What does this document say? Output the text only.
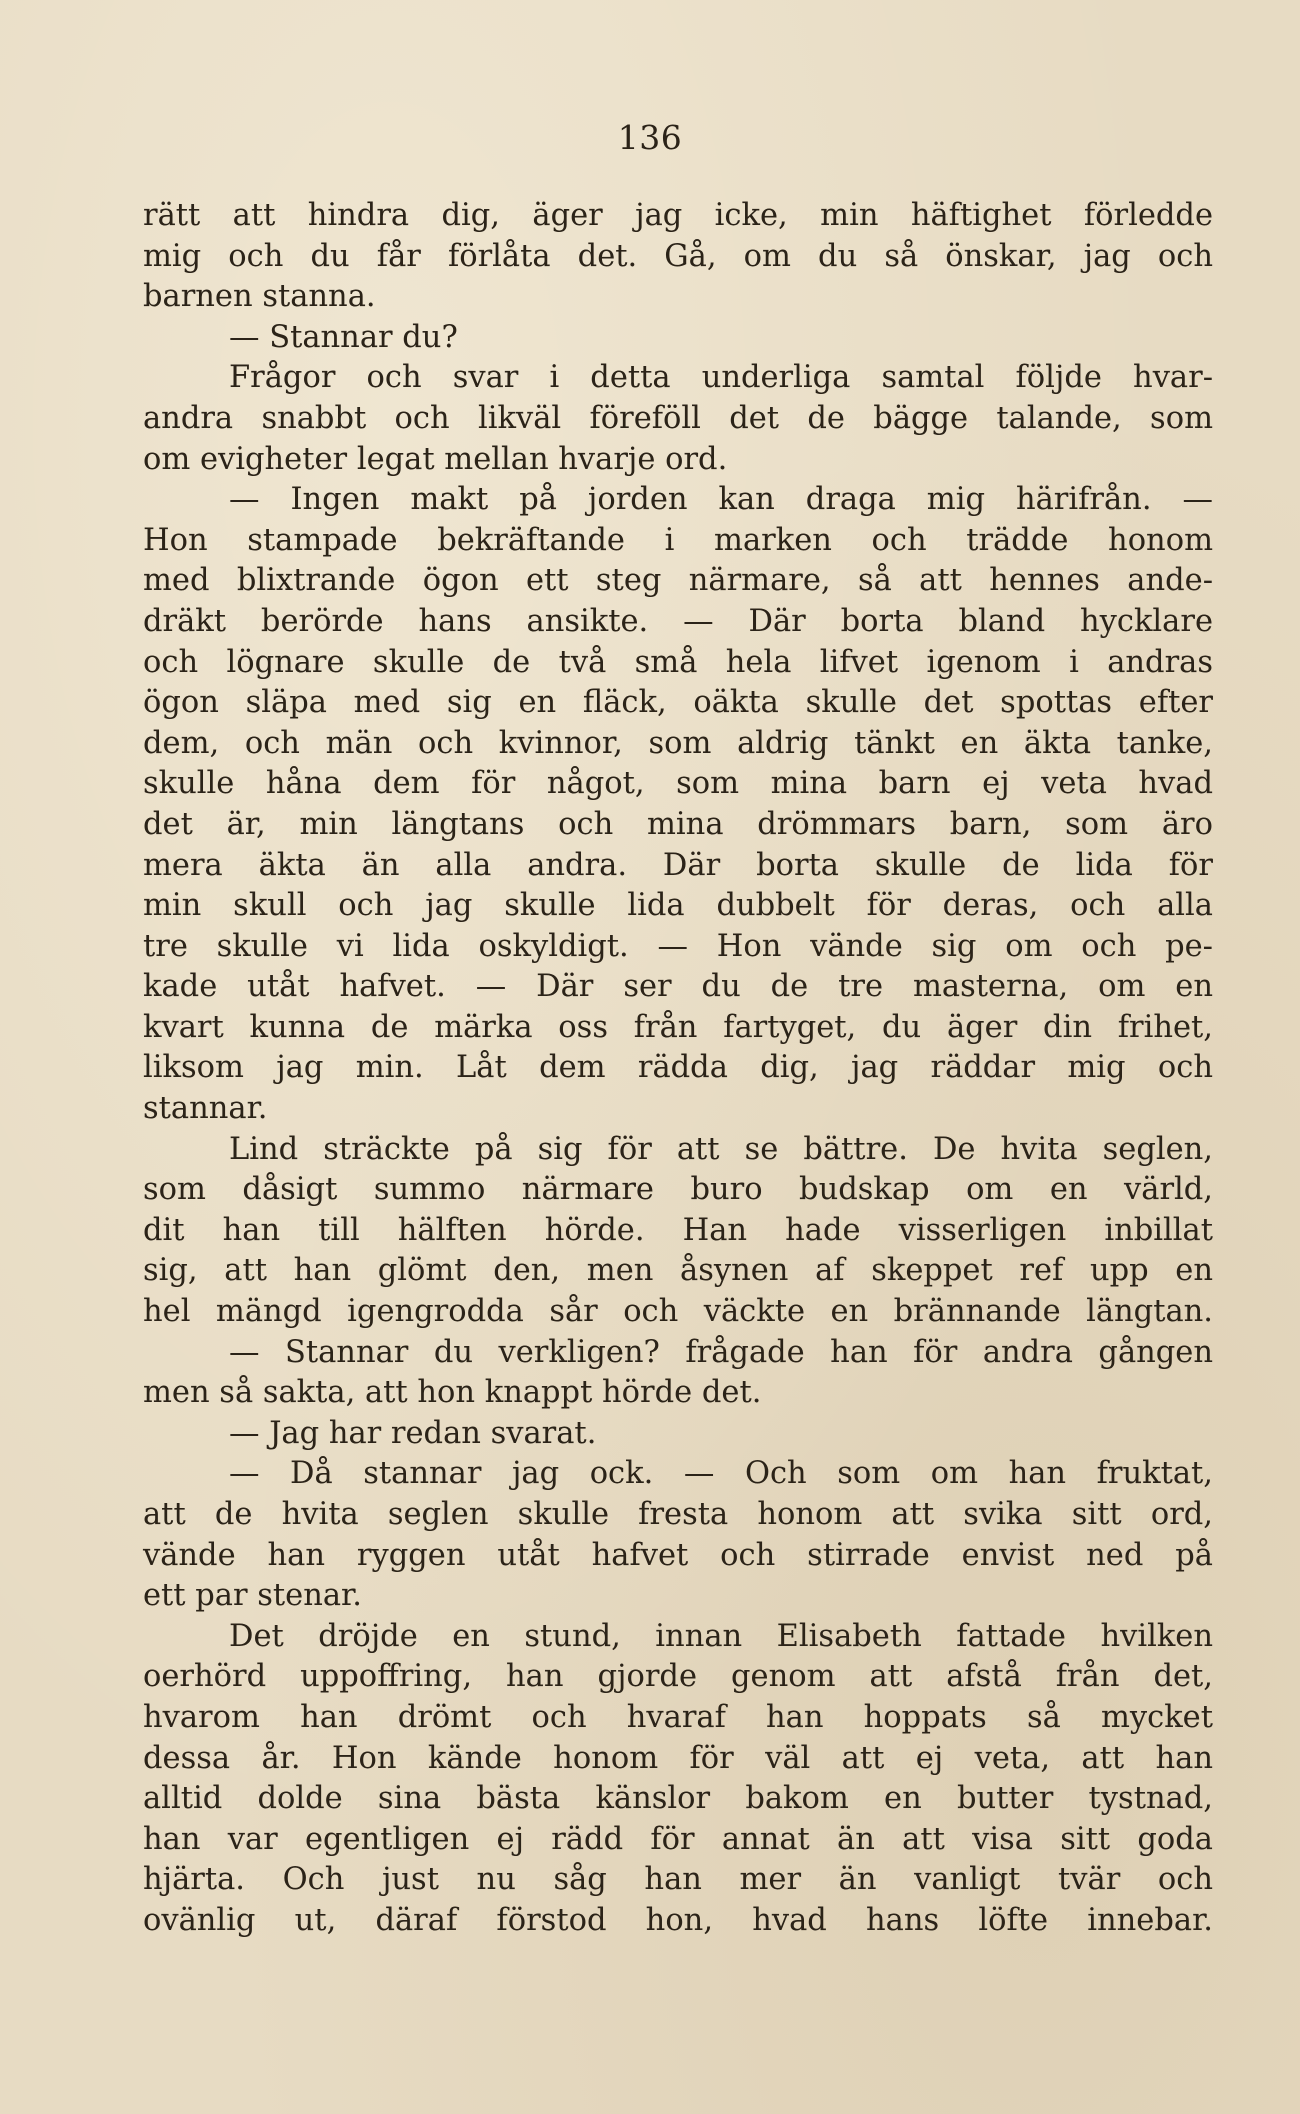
136
rätt att hindra dig, äger jag icke, min häftighet förledde
mig och du får förlåta det. Gå, om du så önskar, jag och
barnen stanna.
— Stannar du?
Frågor och svar i detta underliga samtal följde hvar-
andra snabbt och likväl föreföll det de bägge talande, som
om evigheter legat mellan hvarje ord.
— Ingen makt på jorden kan draga mig härifrån. —
Hon stampade bekräftande i marken och trädde honom
med blixtrande ögon ett steg närmare, så att hennes ande-
dräkt berörde hans ansikte. — Där borta bland hycklare
och lögnare skulle de två små hela lifvet igenom i andras
ögon släpa med sig en fläck, oäkta skulle det spottas efter
dem, och män och kvinnor, som aldrig tänkt en äkta tanke,
skulle håna dem för något, som mina barn ej veta hvad
det är, min längtans och mina drömmars barn, som äro
mera äkta än alla andra. Där borta skulle de lida för
min skull och jag skulle lida dubbelt för deras, och alla
tre skulle vi lida oskyldigt. — Hon vände sig om och pe-
kade utåt hafvet. — Där ser du de tre masterna, om en
kvart kunna de märka oss från fartyget, du äger din frihet,
liksom jag min. Låt dem rädda dig, jag räddar mig och
stannar.
Lind sträckte på sig för att se bättre. De hvita seglen,
som dåsigt summo närmare buro budskap om en värld,
dit han till hälften hörde. Han hade visserligen inbillat
sig, att han glömt den, men åsynen af skeppet ref upp en
hel mängd igengrodda sår och väckte en brännande längtan.
— Stannar du verkligen? frågade han för andra gången
men så sakta, att hon knappt hörde det.
— Jag har redan svarat.
— Då stannar jag ock. — Och som om han fruktat,
att de hvita seglen skulle fresta honom att svika sitt ord,
vände han ryggen utåt hafvet och stirrade envist ned på
ett par stenar.
Det dröjde en stund, innan Elisabeth fattade hvilken
oerhörd uppoffring, han gjorde genom att afstå från det,
hvarom han drömt och hvaraf han hoppats så mycket
dessa år. Hon kände honom för väl att ej veta, att han
alltid dolde sina bästa känslor bakom en butter tystnad,
han var egentligen ej rädd för annat än att visa sitt goda
hjärta. Och just nu såg han mer än vanligt tvär och
ovänlig ut, däraf förstod hon, hvad hans löfte innebar.
